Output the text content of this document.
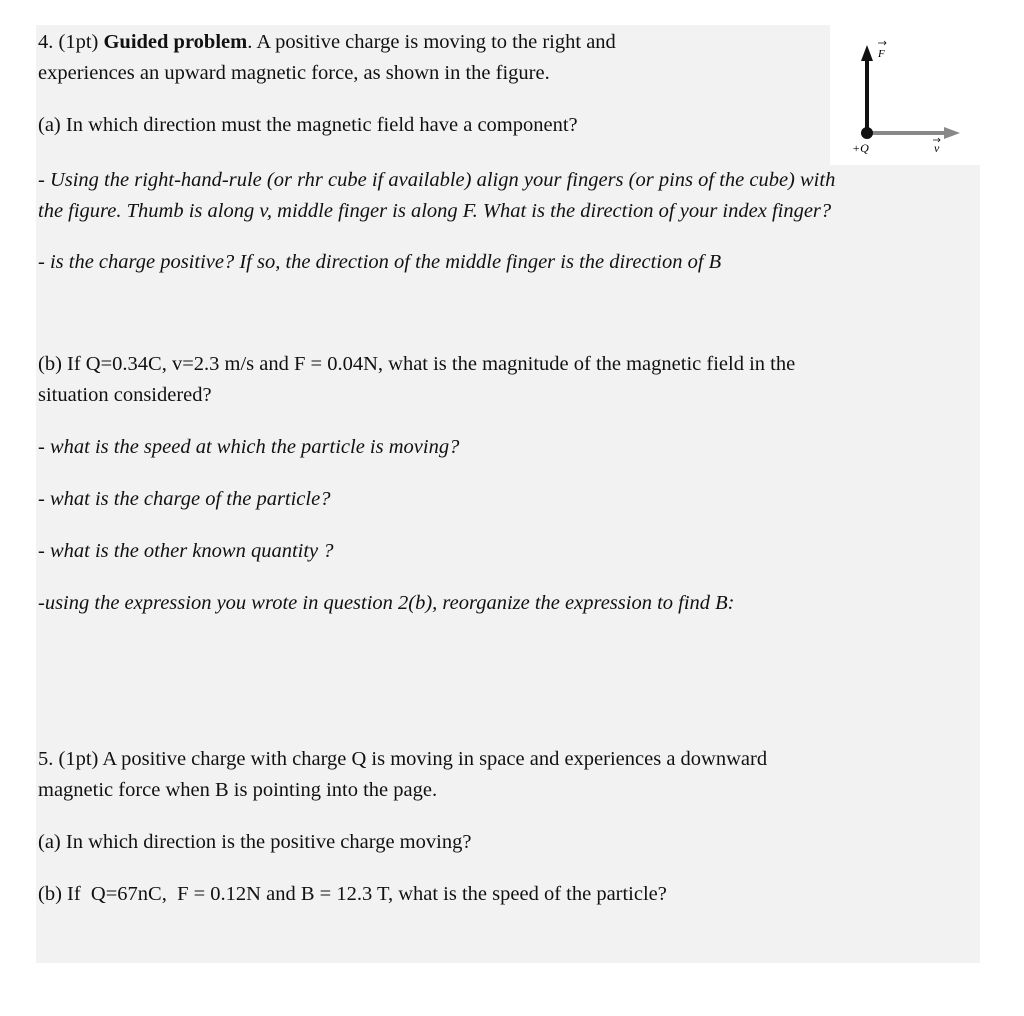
F
+Q	v
4. (1pt) Guided problem. A positive charge is moving to the right and
experiences an upward magnetic force, as shown in the figure.
(a) In which direction must the magnetic field have a component?
- Using the right-hand-rule (or rhr cube if available) align your fingers (or pins of the cube) with
the figure. Thumb is along v, middle finger is along F. What is the direction of your index finger?
- is the charge positive? If so, the direction of the middle finger is the direction of B
(b) If Q=0.34C, v=2.3 m/s and F = 0.04N, what is the magnitude of the magnetic field in the
situation considered?
- what is the speed at which the particle is moving?
- what is the charge of the particle?
- what is the other known quantity ?
-using the expression you wrote in question 2(b), reorganize the expression to find B:
5. (1pt) A positive charge with charge Q is moving in space and experiences a downward
magnetic force when B is pointing into the page.
(a) In which direction is the positive charge moving?
(b) If  Q=67nC,  F = 0.12N and B = 12.3 T, what is the speed of the particle?
